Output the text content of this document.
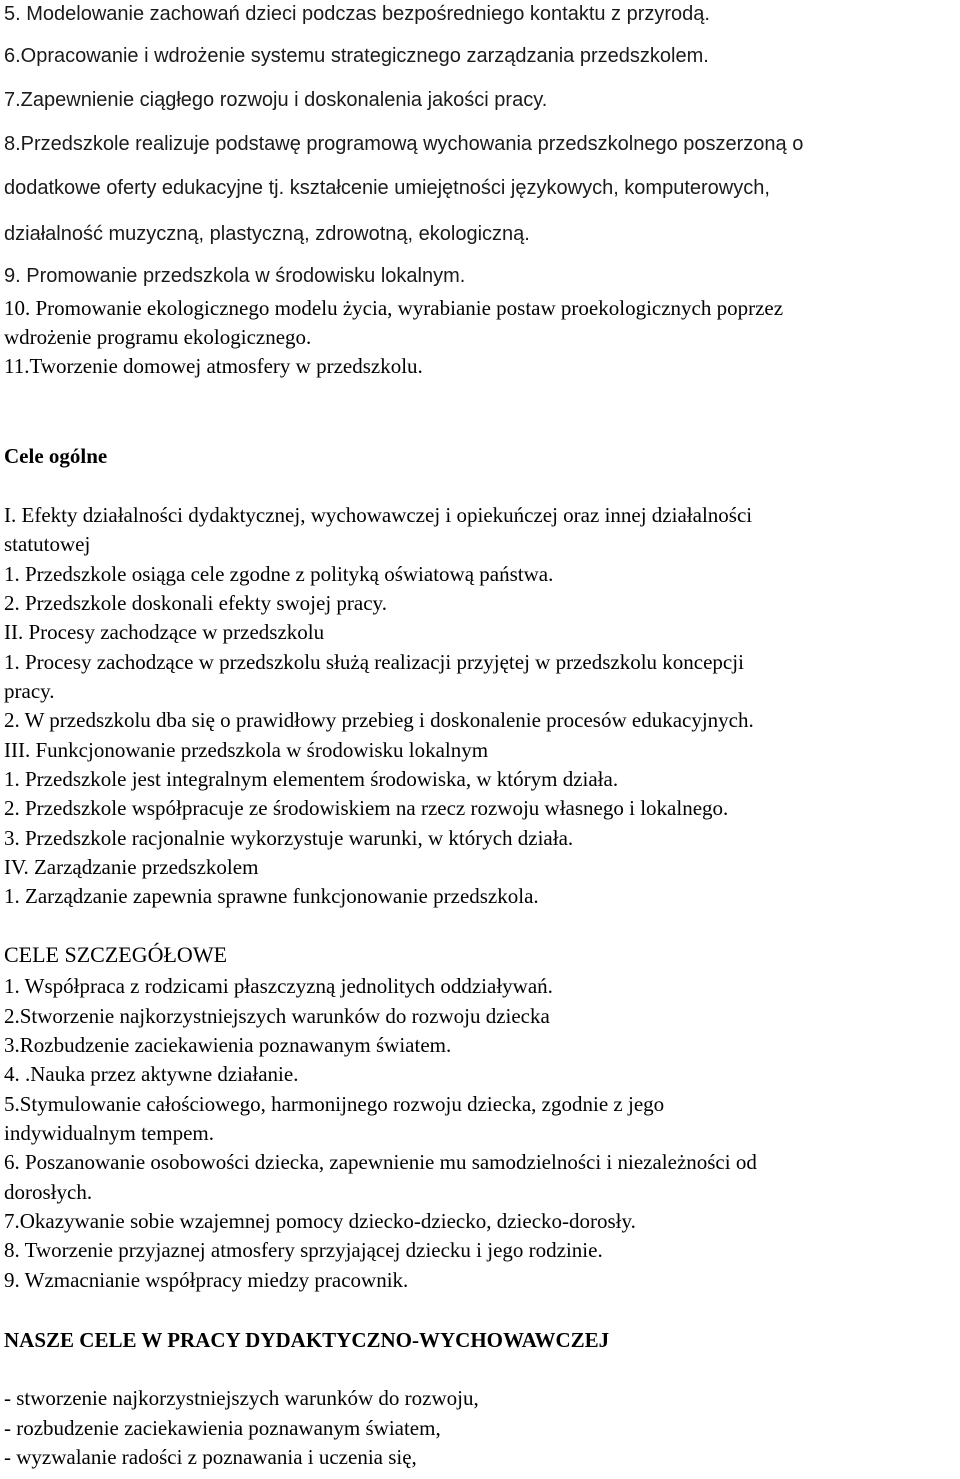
5. Modelowanie zachowań dzieci podczas bezpośredniego kontaktu z przyrodą.
6.Opracowanie i wdrożenie systemu strategicznego zarządzania przedszkolem.
7.Zapewnienie ciągłego rozwoju i doskonalenia jakości pracy.
8.Przedszkole realizuje podstawę programową wychowania przedszkolnego poszerzoną o
dodatkowe oferty edukacyjne tj. kształcenie umiejętności językowych, komputerowych,
działalność muzyczną, plastyczną, zdrowotną, ekologiczną.
9. Promowanie przedszkola w środowisku lokalnym.
10. Promowanie ekologicznego modelu życia, wyrabianie postaw proekologicznych poprzez
wdrożenie programu ekologicznego.
11.Tworzenie domowej atmosfery w przedszkolu.
Cele ogólne
I. Efekty działalności dydaktycznej, wychowawczej i opiekuńczej oraz innej działalności
statutowej
1. Przedszkole osiąga cele zgodne z polityką oświatową państwa.
2. Przedszkole doskonali efekty swojej pracy.
II. Procesy zachodzące w przedszkolu
1. Procesy zachodzące w przedszkolu służą realizacji przyjętej w przedszkolu koncepcji
pracy.
2. W przedszkolu dba się o prawidłowy przebieg i doskonalenie procesów edukacyjnych.
III. Funkcjonowanie przedszkola w środowisku lokalnym
1. Przedszkole jest integralnym elementem środowiska, w którym działa.
2. Przedszkole współpracuje ze środowiskiem na rzecz rozwoju własnego i lokalnego.
3. Przedszkole racjonalnie wykorzystuje warunki, w których działa.
IV. Zarządzanie przedszkolem
1. Zarządzanie zapewnia sprawne funkcjonowanie przedszkola.
CELE SZCZEGÓŁOWE
1. Współpraca z rodzicami płaszczyzną jednolitych oddziaływań.
2.Stworzenie najkorzystniejszych warunków do rozwoju dziecka
3.Rozbudzenie zaciekawienia poznawanym światem.
4. .Nauka przez aktywne działanie.
5.Stymulowanie całościowego, harmonijnego rozwoju dziecka, zgodnie z jego
indywidualnym tempem.
6. Poszanowanie osobowości dziecka, zapewnienie mu samodzielności i niezależności od
dorosłych.
7.Okazywanie sobie wzajemnej pomocy dziecko-dziecko, dziecko-dorosły.
8. Tworzenie przyjaznej atmosfery sprzyjającej dziecku i jego rodzinie.
9. Wzmacnianie współpracy miedzy pracownik.
NASZE CELE W PRACY DYDAKTYCZNO-WYCHOWAWCZEJ
- stworzenie najkorzystniejszych warunków do rozwoju,
- rozbudzenie zaciekawienia poznawanym światem,
- wyzwalanie radości z poznawania i uczenia się,
